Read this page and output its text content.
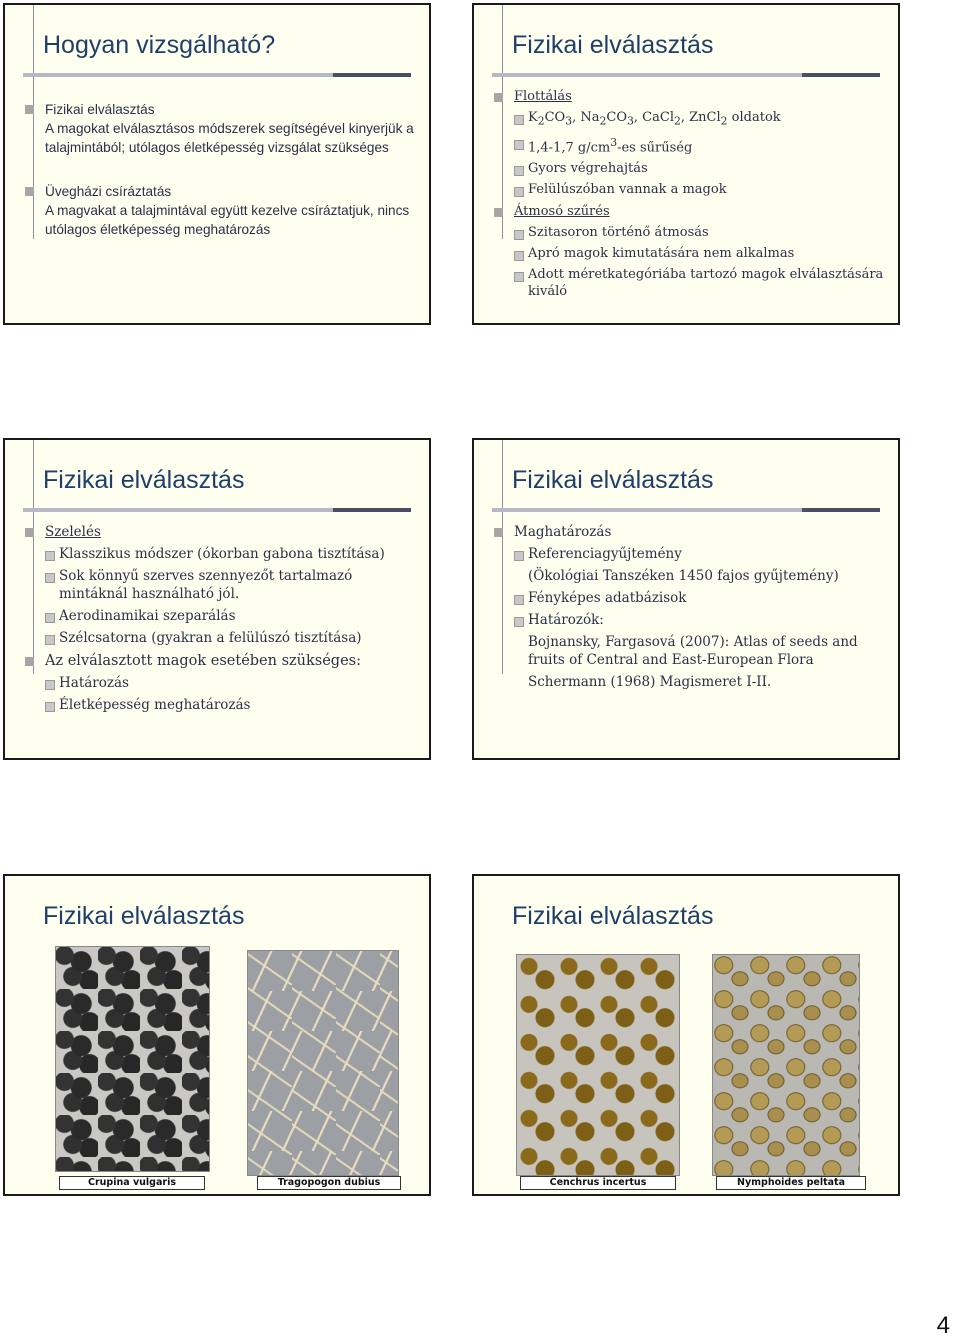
Hogyan vizsgálható?
Fizikai elválasztás
A magokat elválasztásos módszerek segítségével kinyerjük a talajmintából; utólagos életképesség vizsgálat szükséges
Üvegházi csíráztatás
A magvakat a talajmintával együtt kezelve csíráztatjuk, nincs utólagos életképesség meghatározás
Fizikai elválasztás
Flottálás
$K_2CO_3$, $Na_2CO_3$, CaCl$_2$, ZnCl$_2$ oldatok
1,4-1,7 $g/cm^3-es$ sűrűség
Gyors végrehajtás
Felülúszóban vannak a magok
Átmosó szűrés
Szitasoron történő átmosás
Apró magok kimutatására nem alkalmas
Adott méretkategóriába tartozó magok elválasztására kiváló
Fizikai elválasztás
Szelelés
Klasszikus módszer (ókorban gabona tisztítása)
Sok könnyű szerves szennyezőt tartalmazó mintáknál használható jól.
Aerodinamikai szeparálás
Szélcsatorna (gyakran a felülúszó tisztítása)
Az elválasztott magok esetében szükséges:
Határozás
Életképesség meghatározás
Fizikai elválasztás
Maghatározás
Referenciagyűjtemény
(Ökológiai Tanszéken 1450 fajos gyűjtemény)
Fényképes adatbázisok
Határozók:
Bojnansky, Fargasová (2007): Atlas of seeds and fruits of Central and East-European Flora
Schermann (1968) Magismeret I-II.
Fizikai elválasztás
Crupina vulgaris	Tragopogon dubius
Fizikai elválasztás
Cenchrus incertus	Nymphoides peltata
4
